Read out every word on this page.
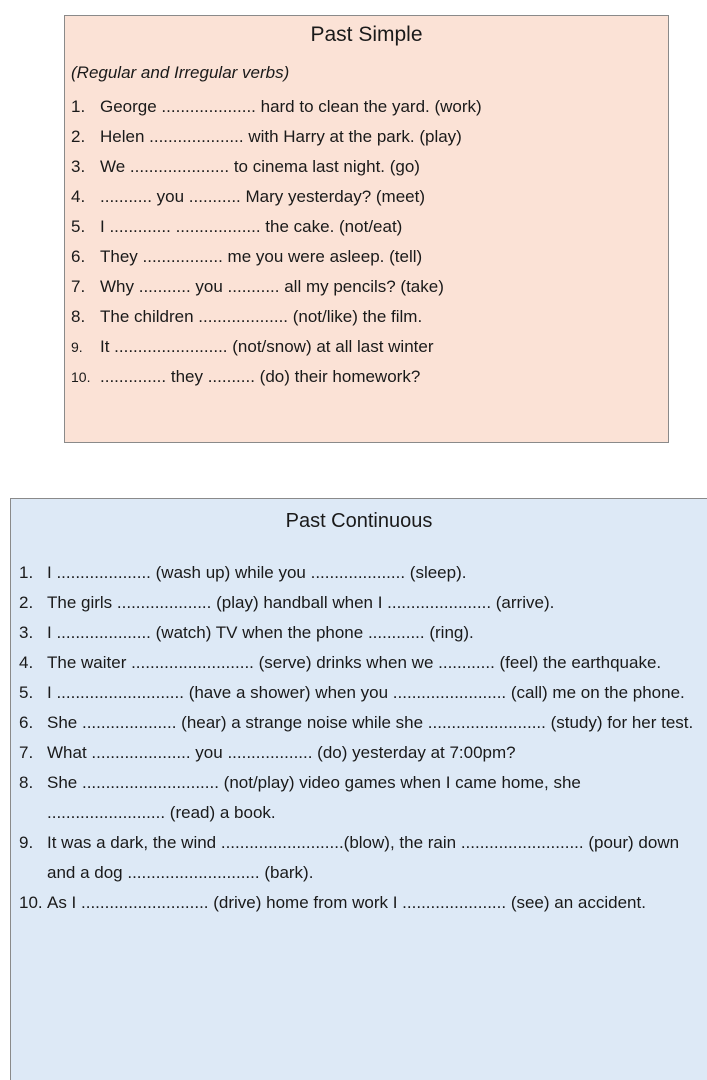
Past Simple
(Regular and Irregular verbs)
1. George .................... hard to clean the yard. (work)
2. Helen .................... with Harry at the park. (play)
3. We ..................... to cinema last night. (go)
4. ........... you ........... Mary yesterday? (meet)
5. I ............. .................. the cake. (not/eat)
6. They ................. me you were asleep. (tell)
7. Why ........... you ........... all my pencils? (take)
8. The children ................... (not/like) the film.
9.	It ........................ (not/snow) at all last winter
10. .............. they .......... (do) their homework?
Past Continuous
1. I .................... (wash up) while you .................... (sleep).
2. The girls .................... (play) handball when I ...................... (arrive).
3. I .................... (watch) TV when the phone ............ (ring).
4. The waiter .......................... (serve) drinks when we ............ (feel) the earthquake.
5. I ........................... (have a shower) when you ........................ (call) me on the phone.
6. She .................... (hear) a strange noise while she ......................... (study) for her test.
7. What ..................... you .................. (do) yesterday at 7:00pm?
8. She ............................. (not/play) video games when I came home, she ......................... (read) a book.
9. It was a dark, the wind ..........................(blow), the rain .......................... (pour) down and a dog ............................ (bark).
10. As I ........................... (drive) home from work I ...................... (see) an accident.
